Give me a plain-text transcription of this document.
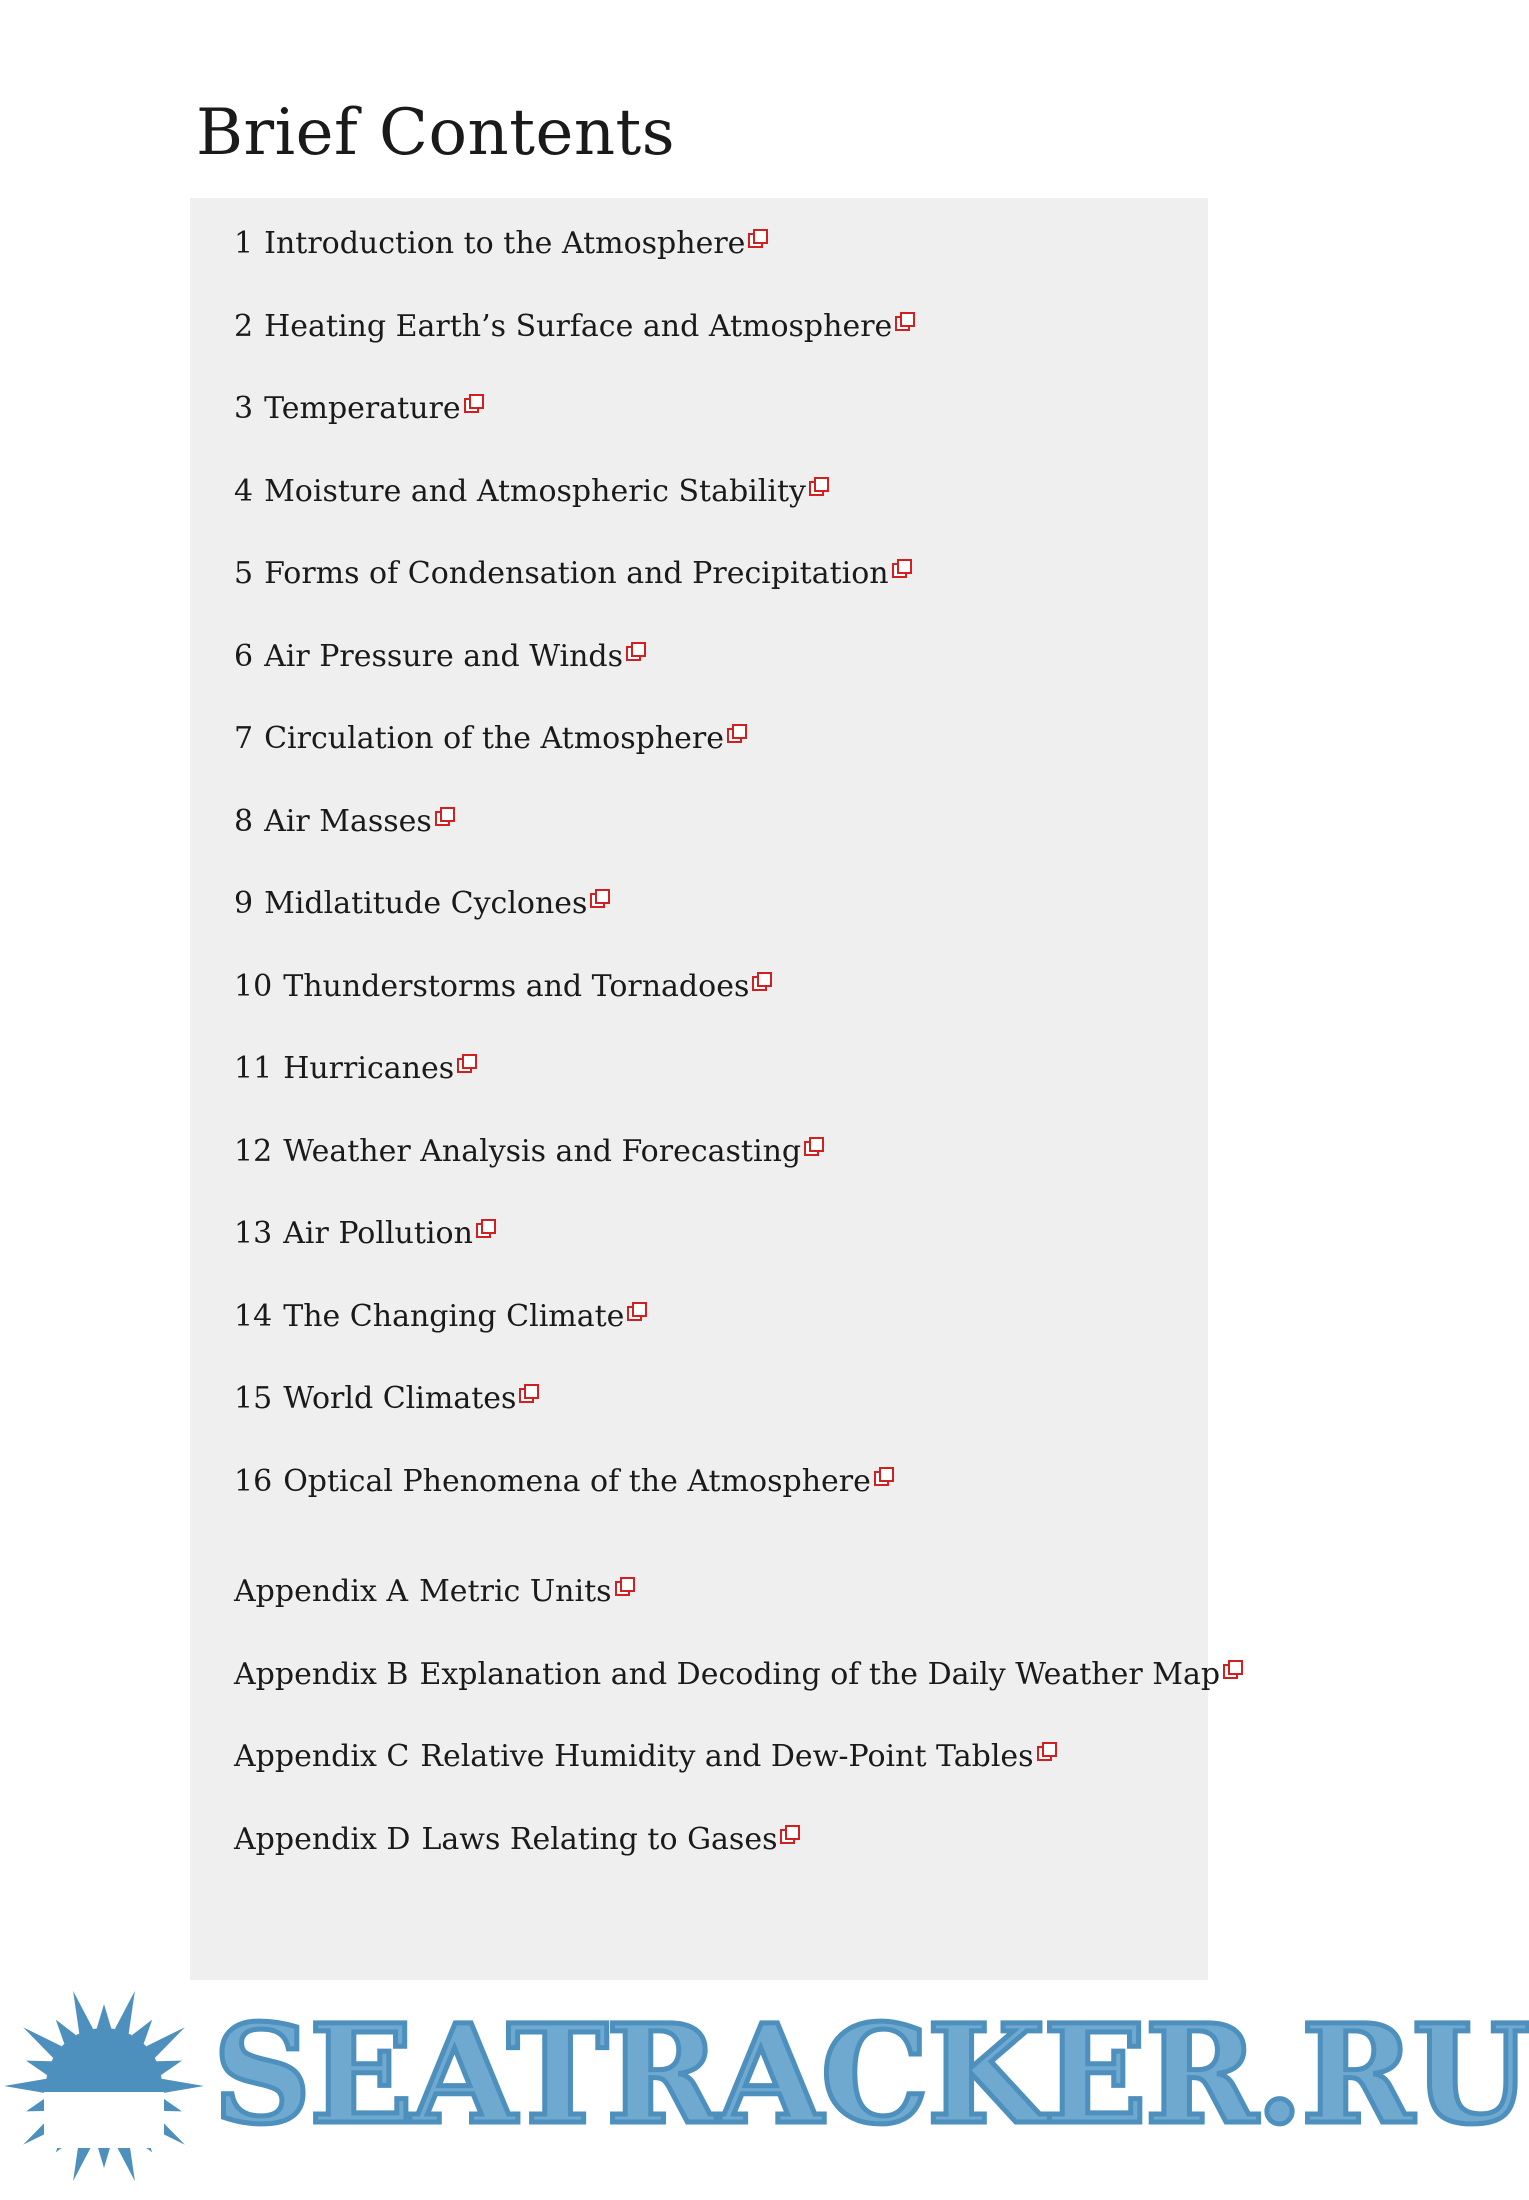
Brief Contents
1 Introduction to the Atmosphere
2 Heating Earth’s Surface and Atmosphere
3 Temperature
4 Moisture and Atmospheric Stability
5 Forms of Condensation and Precipitation
6 Air Pressure and Winds
7 Circulation of the Atmosphere
8 Air Masses
9 Midlatitude Cyclones
10 Thunderstorms and Tornadoes
11 Hurricanes
12 Weather Analysis and Forecasting
13 Air Pollution
14 The Changing Climate
15 World Climates
16 Optical Phenomena of the Atmosphere
Appendix A Metric Units
Appendix B Explanation and Decoding of the Daily Weather Map
Appendix C Relative Humidity and Dew-Point Tables
Appendix D Laws Relating to Gases
SEATRACKER.RU
